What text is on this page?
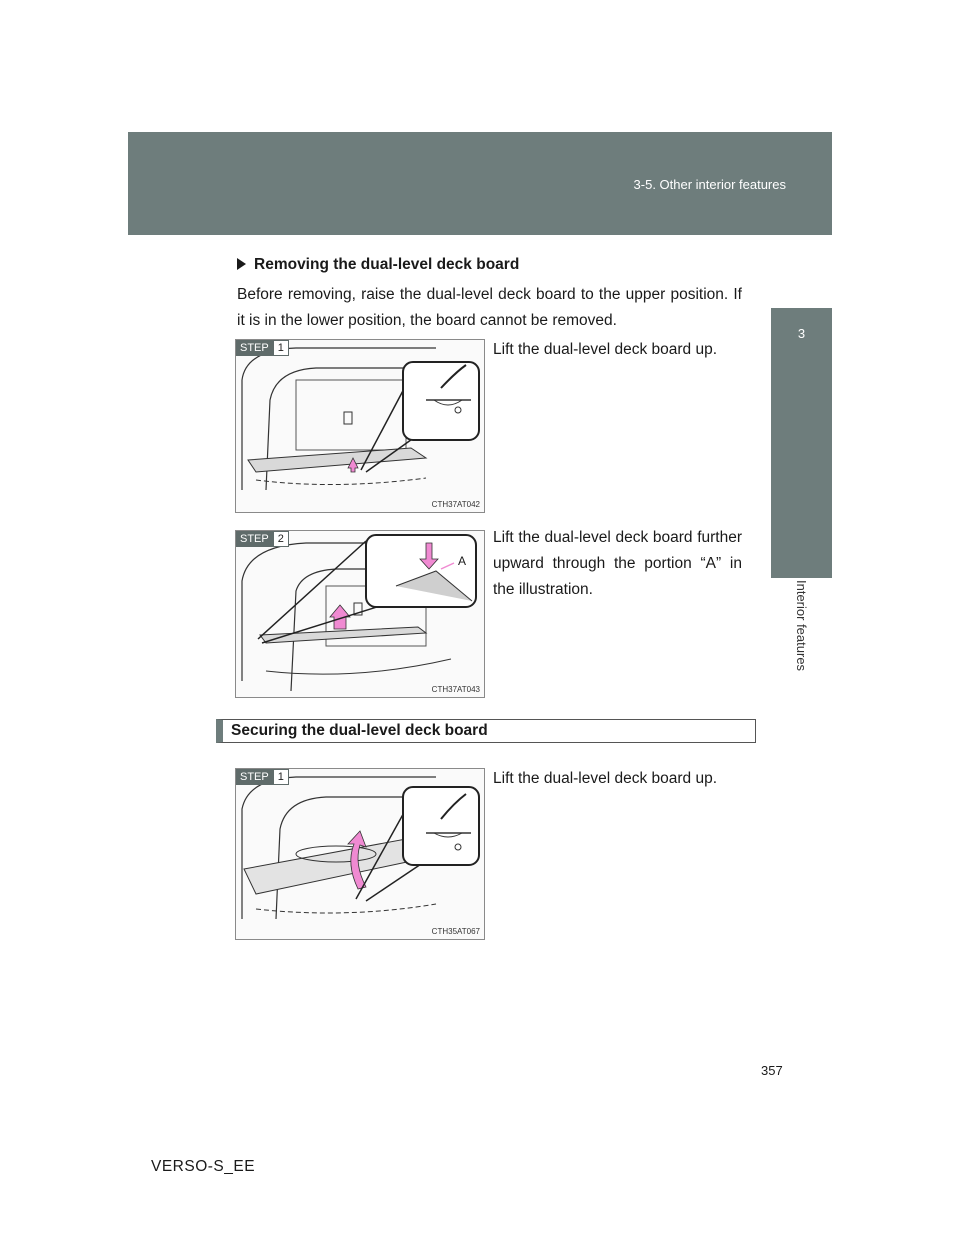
3-5. Other interior features
3
Interior features
Removing the dual-level deck board
Before removing, raise the dual-level deck board to the upper position. If it is in the lower position, the board cannot be removed.
STEP 1
CTH37AT042
Lift the dual-level deck board up.
STEP 2
A
CTH37AT043
Lift the dual-level deck board further upward through the portion “A” in the illustration.
Securing the dual-level deck board
STEP 1
CTH35AT067
Lift the dual-level deck board up.
357
VERSO-S_EE
